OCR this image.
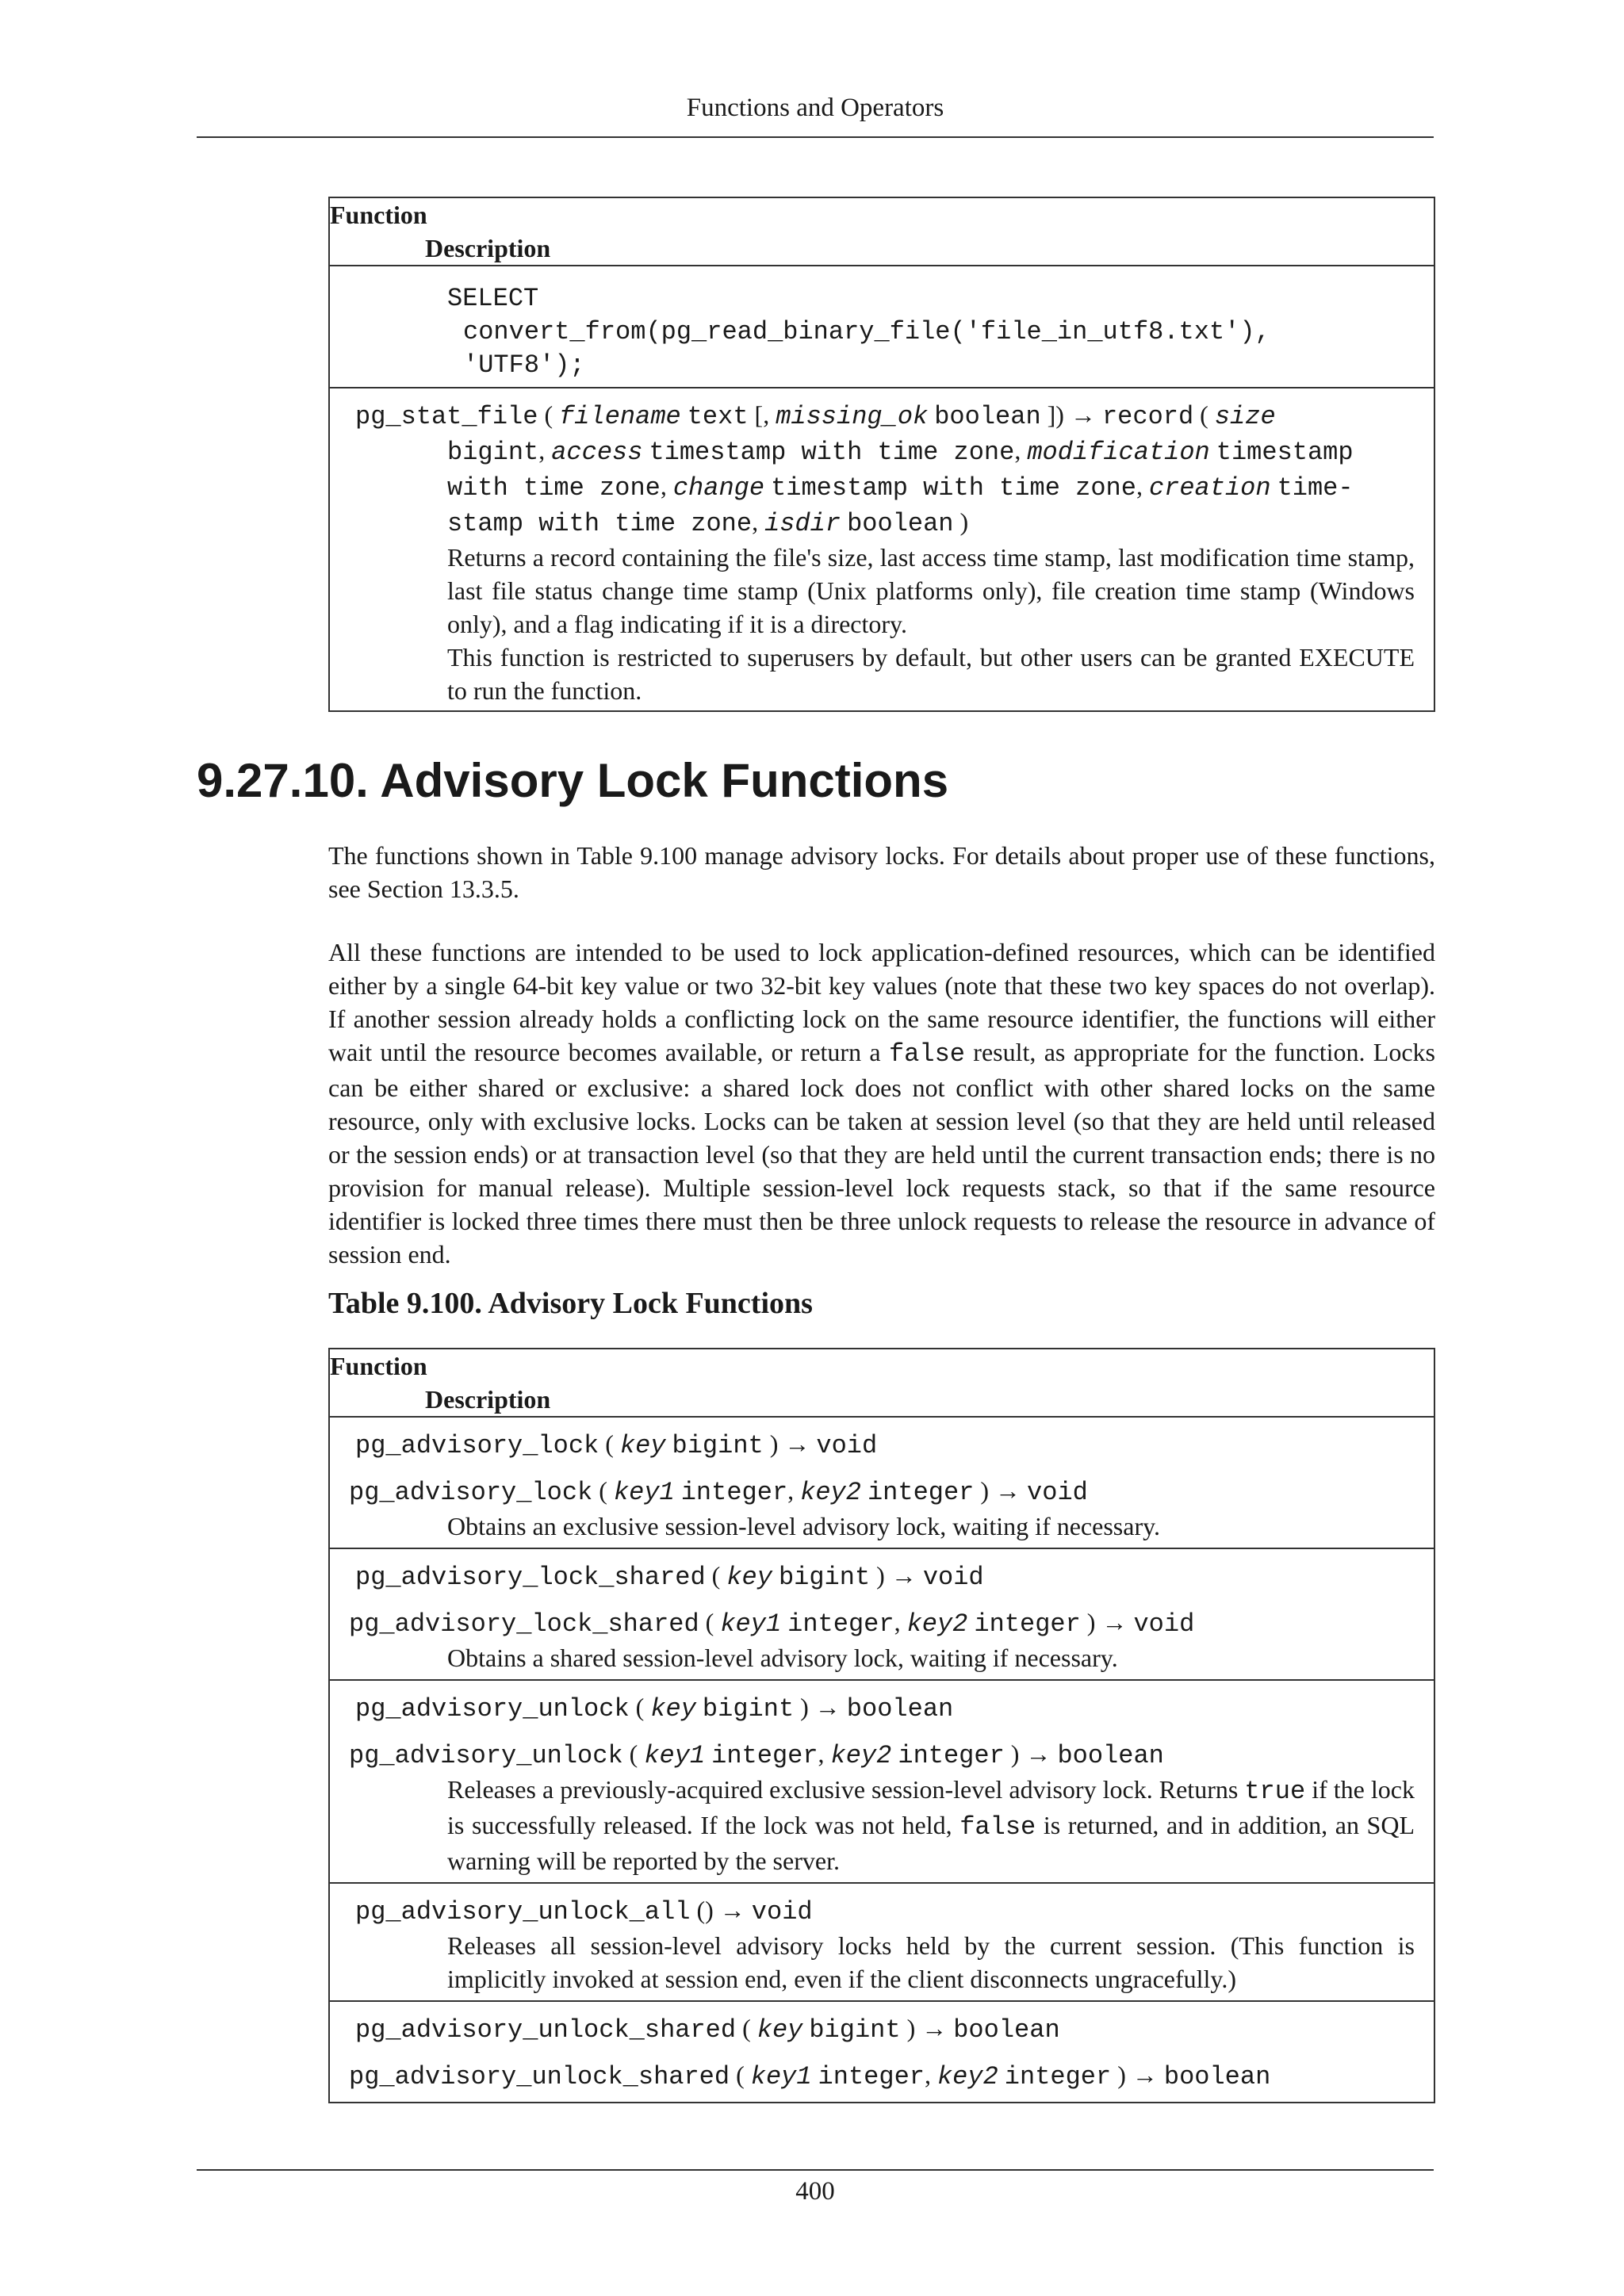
Functions and Operators
Function
Description

SELECT
convert_from(pg_read_binary_file('file_in_utf8.txt'),
'UTF8');

pg_stat_file ( filename text [, missing_ok boolean ]) → record ( size
bigint, access timestamp with time zone, modification timestamp
with time zone, change timestamp with time zone, creation time-
stamp with time zone, isdir boolean )
Returns a record containing the file's size, last access time stamp, last modification time stamp, last file status change time stamp (Unix platforms only), file creation time stamp (Windows only), and a flag indicating if it is a directory.
This function is restricted to superusers by default, but other users can be granted EXECUTE to run the function.
9.27.10. Advisory Lock Functions

The functions shown in Table 9.100 manage advisory locks. For details about proper use of these functions, see Section 13.3.5.

All these functions are intended to be used to lock application-defined resources, which can be identified either by a single 64-bit key value or two 32-bit key values (note that these two key spaces do not overlap). If another session already holds a conflicting lock on the same resource identifier, the functions will either wait until the resource becomes available, or return a false result, as appropriate for the function. Locks can be either shared or exclusive: a shared lock does not conflict with other shared locks on the same resource, only with exclusive locks. Locks can be taken at session level (so that they are held until released or the session ends) or at transaction level (so that they are held until the current transaction ends; there is no provision for manual release). Multiple session-level lock requests stack, so that if the same resource identifier is locked three times there must then be three unlock requests to release the resource in advance of session end.

Table 9.100. Advisory Lock Functions
Function
Description

pg_advisory_lock ( key bigint ) → void
pg_advisory_lock ( key1 integer, key2 integer ) → void
Obtains an exclusive session-level advisory lock, waiting if necessary.

pg_advisory_lock_shared ( key bigint ) → void
pg_advisory_lock_shared ( key1 integer, key2 integer ) → void
Obtains a shared session-level advisory lock, waiting if necessary.

pg_advisory_unlock ( key bigint ) → boolean
pg_advisory_unlock ( key1 integer, key2 integer ) → boolean
Releases a previously-acquired exclusive session-level advisory lock. Returns true if the lock is successfully released. If the lock was not held, false is returned, and in addition, an SQL warning will be reported by the server.

pg_advisory_unlock_all () → void
Releases all session-level advisory locks held by the current session. (This function is implicitly invoked at session end, even if the client disconnects ungracefully.)

pg_advisory_unlock_shared ( key bigint ) → boolean
pg_advisory_unlock_shared ( key1 integer, key2 integer ) → boolean
400
